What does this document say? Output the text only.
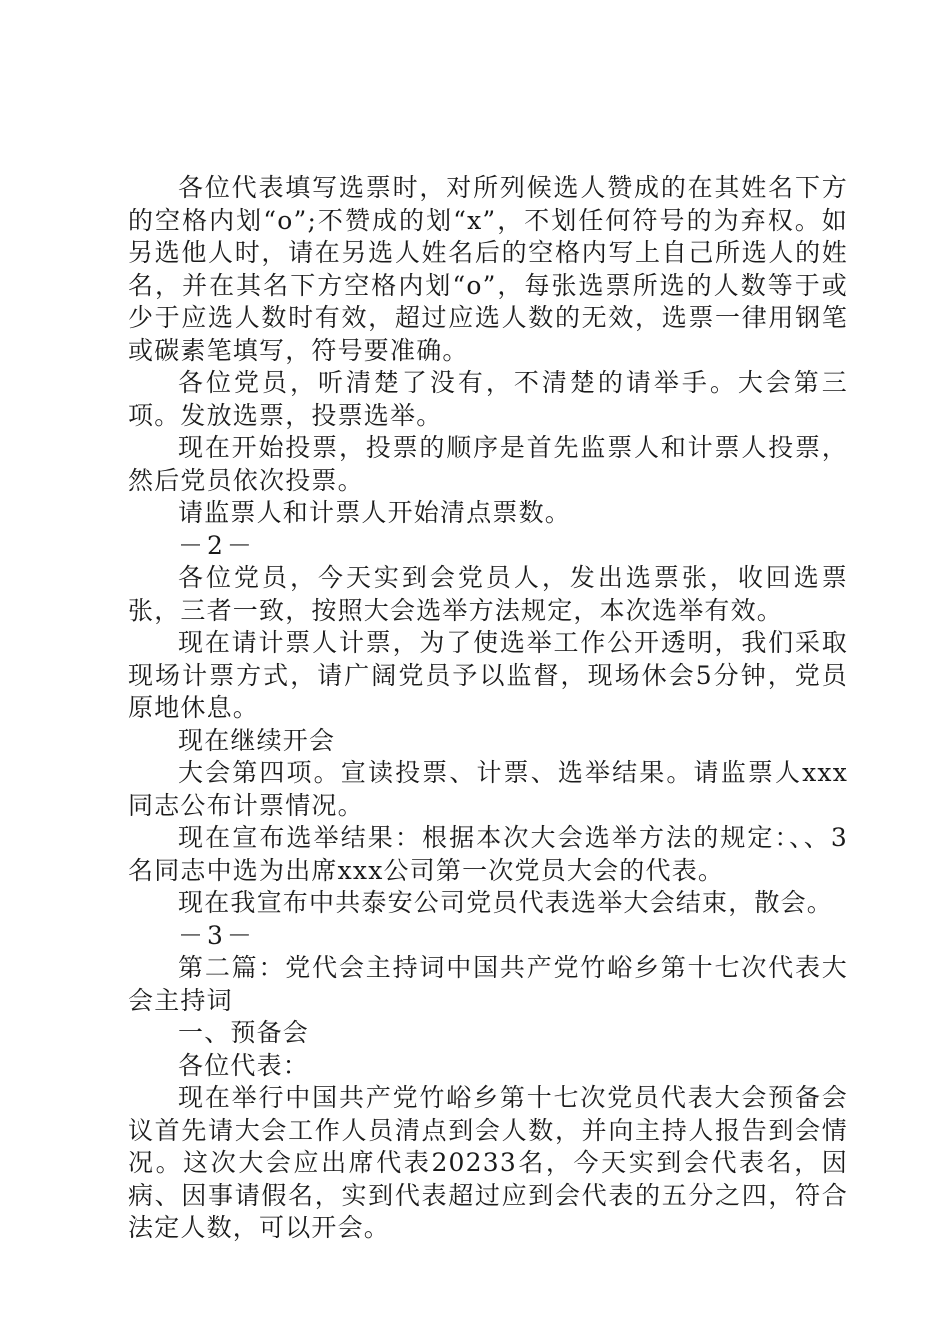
各位代表填写选票时，对所列候选人赞成的在其姓名下方的空格内划“o”;不赞成的划“x”，不划任何符号的为弃权。如另选他人时，请在另选人姓名后的空格内写上自己所选人的姓名，并在其名下方空格内划“o”，每张选票所选的人数等于或少于应选人数时有效，超过应选人数的无效，选票一律用钢笔或碳素笔填写，符号要准确。

各位党员，听清楚了没有，不清楚的请举手。大会第三项。发放选票，投票选举。

现在开始投票，投票的顺序是首先监票人和计票人投票，然后党员依次投票。

请监票人和计票人开始清点票数。

－2－

各位党员，今天实到会党员人，发出选票张，收回选票张，三者一致，按照大会选举方法规定，本次选举有效。

现在请计票人计票，为了使选举工作公开透明，我们采取现场计票方式，请广阔党员予以监督，现场休会5分钟，党员原地休息。

现在继续开会

大会第四项。宣读投票、计票、选举结果。请监票人xxx同志公布计票情况。

现在宣布选举结果：根据本次大会选举方法的规定：、、3名同志中选为出席xxx公司第一次党员大会的代表。

现在我宣布中共泰安公司党员代表选举大会结束，散会。

－3－

第二篇：党代会主持词中国共产党竹峪乡第十七次代表大会主持词

一、预备会

各位代表：

现在举行中国共产党竹峪乡第十七次党员代表大会预备会议首先请大会工作人员清点到会人数，并向主持人报告到会情况。这次大会应出席代表20233名，今天实到会代表名，因病、因事请假名，实到代表超过应到会代表的五分之四，符合法定人数，可以开会。
